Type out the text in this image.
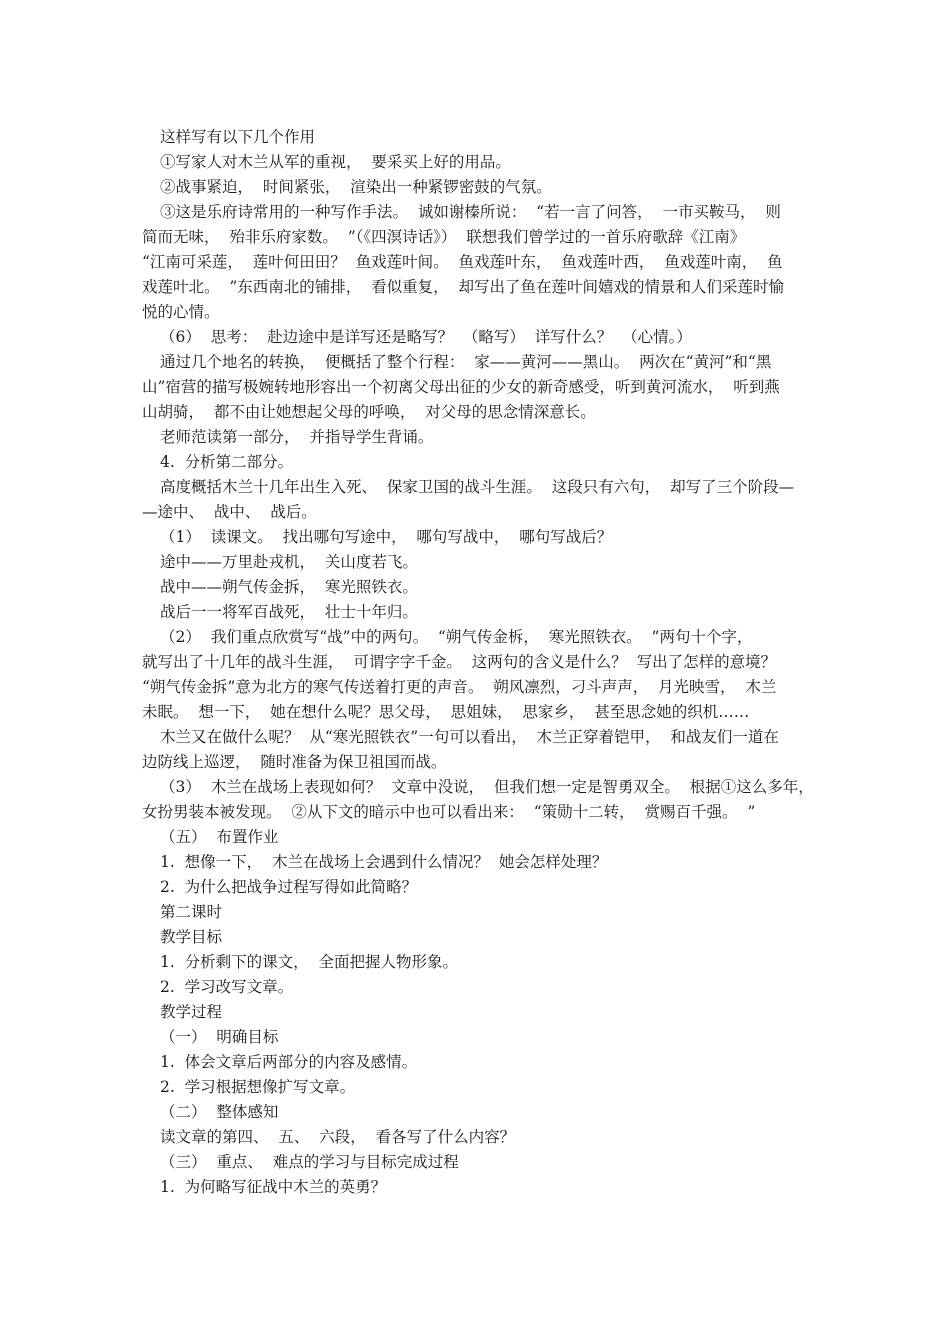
这样写有以下几个作用
①写家人对木兰从军的重视，  要采买上好的用品。
②战事紧迫，  时间紧张，  渲染出一种紧锣密鼓的气氛。
③这是乐府诗常用的一种写作手法。  诚如谢榛所说：  “若一言了问答，  一市买鞍马，  则
简而无味，  殆非乐府家数。  ”（《四溟诗话》）  联想我们曾学过的一首乐府歌辞《江南》
“江南可采莲，  莲叶何田田？  鱼戏莲叶间。  鱼戏莲叶东，  鱼戏莲叶西，  鱼戏莲叶南，  鱼
戏莲叶北。  ”东西南北的铺排，  看似重复，  却写出了鱼在莲叶间嬉戏的情景和人们采莲时愉
悦的心情。
（6）  思考：  赴边途中是详写还是略写？  （略写）  详写什么？  （心情。）
通过几个地名的转换，  便概括了整个行程：  家——黄河——黑山。  两次在“黄河”和“黑
山”宿营的描写极婉转地形容出一个初离父母出征的少女的新奇感受，听到黄河流水，  听到燕
山胡骑，  都不由让她想起父母的呼唤，  对父母的思念情深意长。
老师范读第一部分，  并指导学生背诵。
4.  分析第二部分。
高度概括木兰十几年出生入死、  保家卫国的战斗生涯。  这段只有六句，  却写了三个阶段—
—途中、  战中、  战后。
（1）  读课文。  找出哪句写途中，  哪句写战中，  哪句写战后？
途中——万里赴戎机，  关山度若飞。
战中——朔气传金拆，  寒光照铁衣。
战后一一将军百战死，  壮士十年归。
（2）  我们重点欣赏写“战”中的两句。  “朔气传金柝，  寒光照铁衣。  ”两句十个字，
就写出了十几年的战斗生涯，  可谓字字千金。  这两句的含义是什么？  写出了怎样的意境？
“朔气传金拆”意为北方的寒气传送着打更的声音。  朔风凛烈，刁斗声声，  月光映雪，  木兰
未眠。  想一下，  她在想什么呢？思父母，  思姐妹，  思家乡，  甚至思念她的织机……
木兰又在做什么呢？  从“寒光照铁衣”一句可以看出，  木兰正穿着铠甲，  和战友们一道在
边防线上巡逻，  随时准备为保卫祖国而战。
（3）  木兰在战场上表现如何？  文章中没说，  但我们想一定是智勇双全。  根据①这么多年，
女扮男装本被发现。  ②从下文的暗示中也可以看出来：  “策勋十二转，  赏赐百千强。  ”
（五）  布置作业
1.  想像一下，  木兰在战场上会遇到什么情况？  她会怎样处理？
2.  为什么把战争过程写得如此简略？
第二课时
教学目标
1.  分析剩下的课文，  全面把握人物形象。
2.  学习改写文章。
教学过程
（一）  明确目标
1.  体会文章后两部分的内容及感情。
2.  学习根据想像扩写文章。
（二）  整体感知
读文章的第四、  五、  六段，  看各写了什么内容？
（三）  重点、  难点的学习与目标完成过程
1.  为何略写征战中木兰的英勇？
